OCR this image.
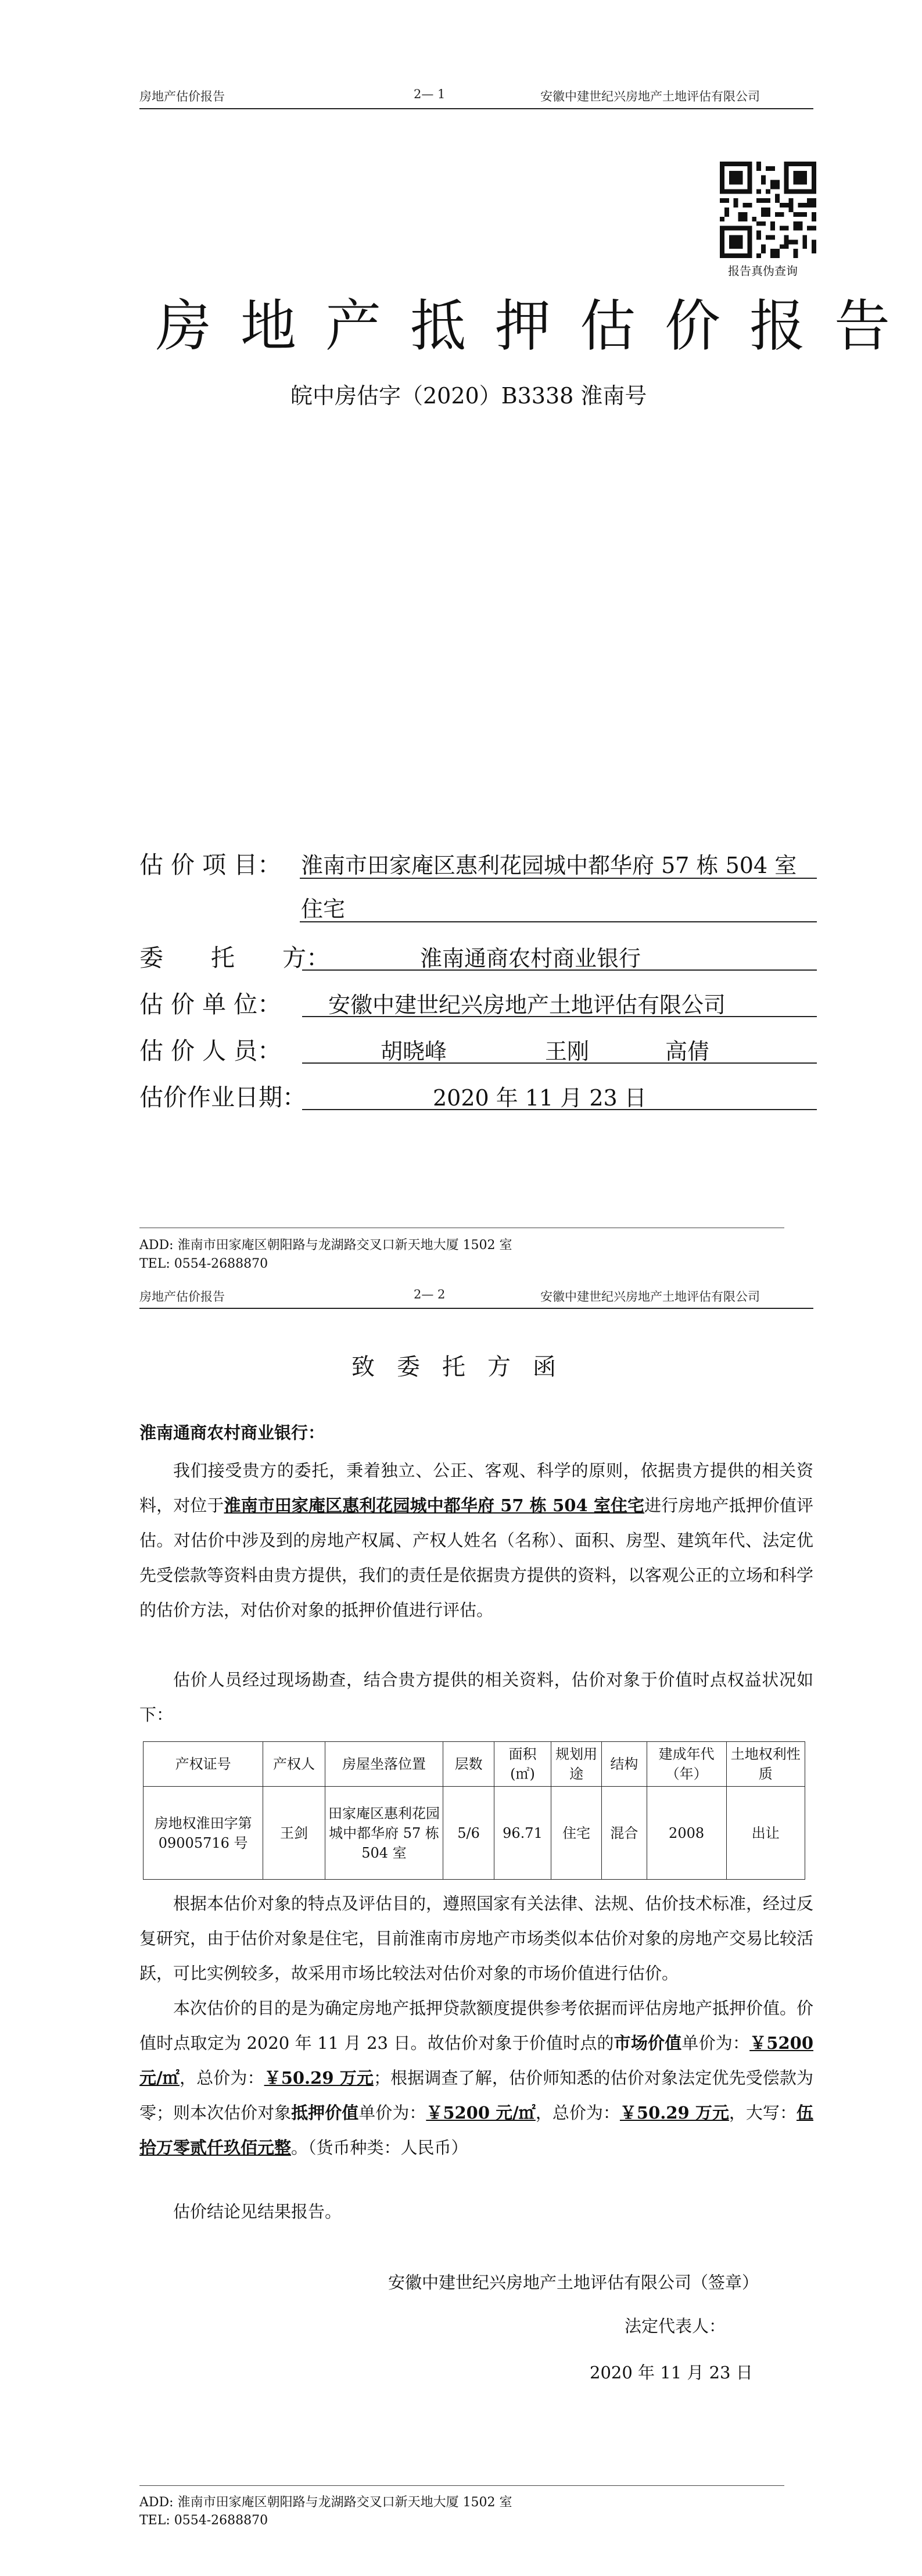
房地产估价报告	2— 1	安徽中建世纪兴房地产土地评估有限公司
报告真伪查询
房地产抵押估价报告
皖中房估字（2020）B3338 淮南号
估 价 项 目： 淮南市田家庵区惠利花园城中都华府 57 栋 504 室
住宅
委　　托　　方：	淮南通商农村商业银行
估 价 单 位： 安徽中建世纪兴房地产土地评估有限公司
估 价 人 员：	胡晓峰	王刚	高倩
估价作业日期：	2020 年 11 月 23 日
ADD: 淮南市田家庵区朝阳路与龙湖路交叉口新天地大厦 1502 室
TEL: 0554-2688870
房地产估价报告	2— 2	安徽中建世纪兴房地产土地评估有限公司
致委托方函
淮南通商农村商业银行：
我们接受贵方的委托，秉着独立、公正、客观、科学的原则，依据贵方提供的相关资料，对位于淮南市田家庵区惠利花园城中都华府 57 栋 504 室住宅进行房地产抵押价值评估。对估价中涉及到的房地产权属、产权人姓名（名称）、面积、房型、建筑年代、法定优先受偿款等资料由贵方提供，我们的责任是依据贵方提供的资料，以客观公正的立场和科学的估价方法，对估价对象的抵押价值进行评估。
估价人员经过现场勘查，结合贵方提供的相关资料，估价对象于价值时点权益状况如下：
产权证号	产权人	房屋坐落位置	层数	面积(㎡)	规划用途	结构	建成年代（年）	土地权利性质
房地权淮田字第 09005716 号	王剑	田家庵区惠利花园城中都华府 57 栋 504 室	5/6	96.71	住宅	混合	2008	出让
根据本估价对象的特点及评估目的，遵照国家有关法律、法规、估价技术标准，经过反复研究，由于估价对象是住宅，目前淮南市房地产市场类似本估价对象的房地产交易比较活跃，可比实例较多，故采用市场比较法对估价对象的市场价值进行估价。
本次估价的目的是为确定房地产抵押贷款额度提供参考依据而评估房地产抵押价值。价值时点取定为 2020 年 11 月 23 日。故估价对象于价值时点的市场价值单价为：￥5200 元/㎡，总价为：￥50.29 万元；根据调查了解，估价师知悉的估价对象法定优先受偿款为零；则本次估价对象抵押价值单价为：￥5200 元/㎡，总价为：￥50.29 万元，大写：伍拾万零贰仟玖佰元整。（货币种类：人民币）
估价结论见结果报告。
安徽中建世纪兴房地产土地评估有限公司（签章）
法定代表人：
2020 年 11 月 23 日
ADD: 淮南市田家庵区朝阳路与龙湖路交叉口新天地大厦 1502 室
TEL: 0554-2688870
